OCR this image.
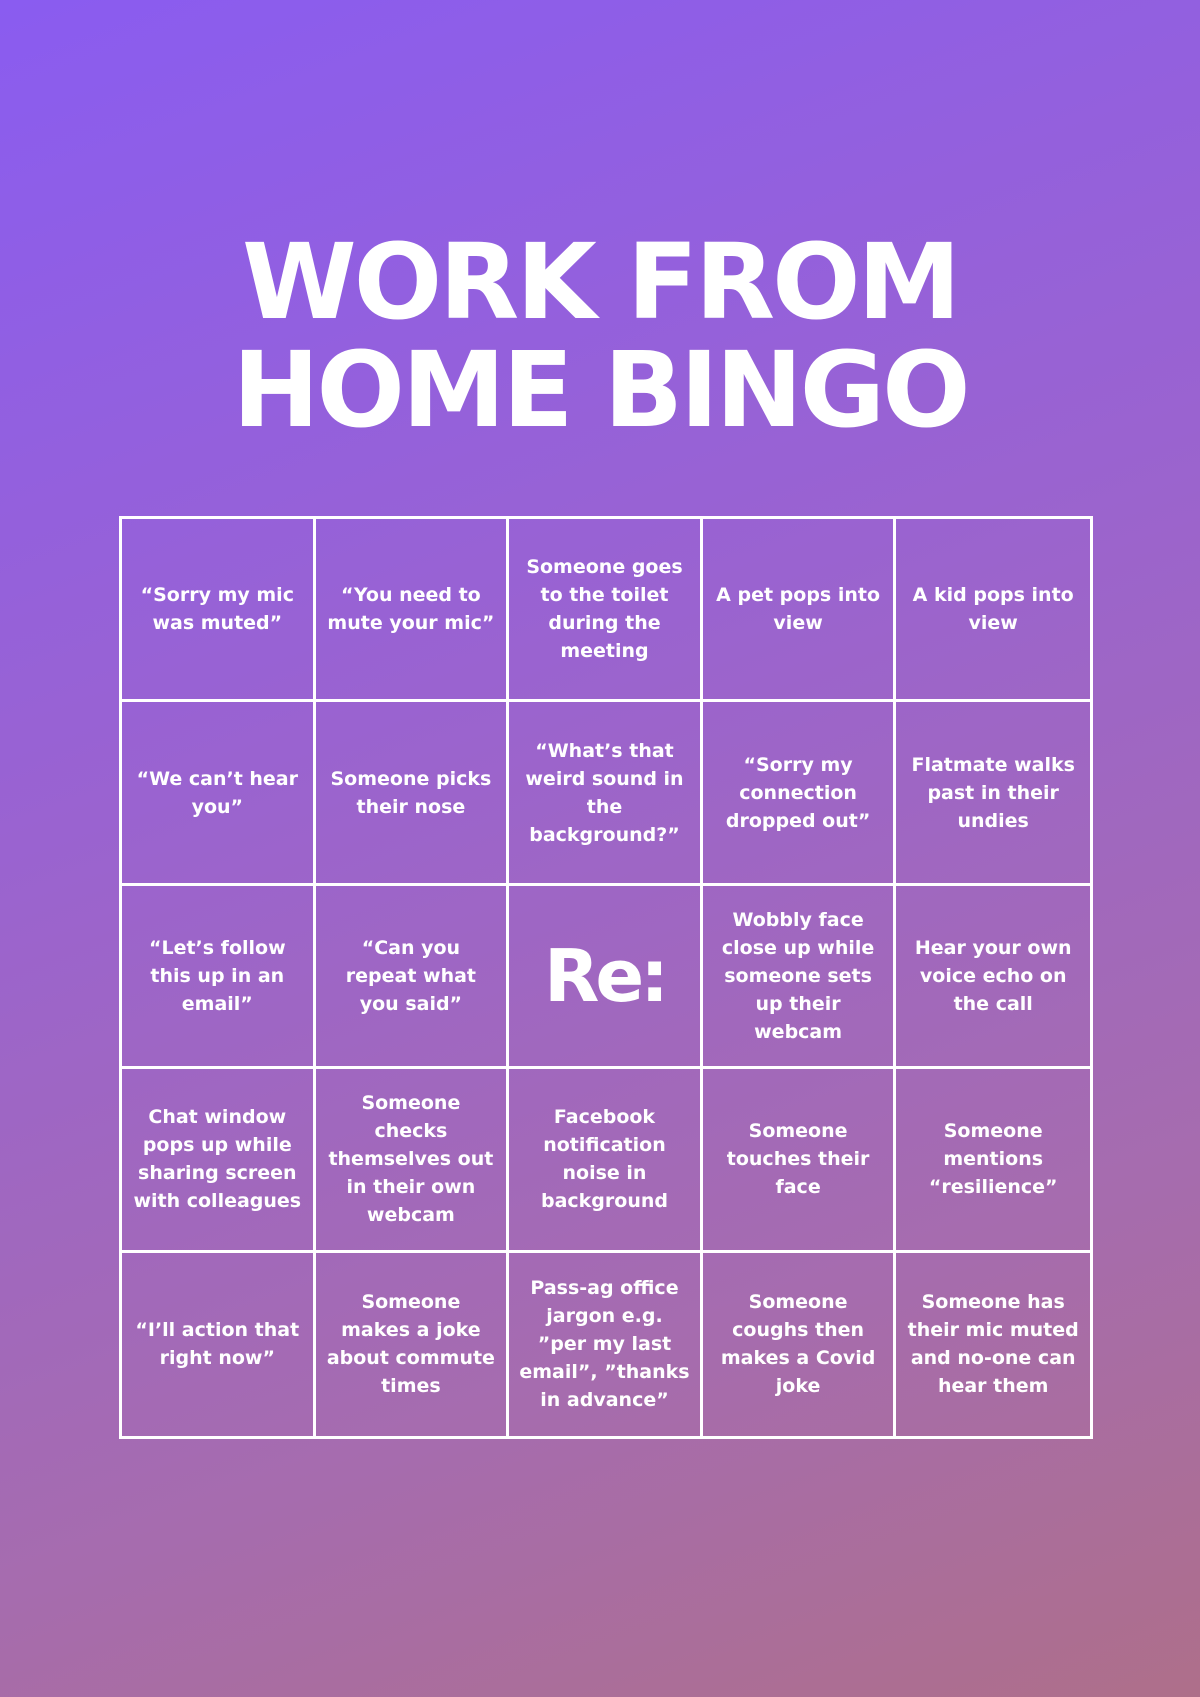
WORK FROM
HOME BINGO
“Sorry my mic was muted”
“You need to mute your mic”
Someone goes to the toilet during the meeting
A pet pops into view
A kid pops into view
“We can’t hear you”
Someone picks their nose
“What’s that weird sound in the background?”
“Sorry my connection dropped out”
Flatmate walks past in their undies
“Let’s follow this up in an email”
“Can you repeat what you said”	Re:
Wobbly face close up while someone sets up their webcam
Hear your own voice echo on the call
Chat window pops up while sharing screen with colleagues
Someone checks themselves out in their own webcam
Facebook notification noise in background
Someone touches their face
Someone mentions “resilience”
“I’ll action that right now”
Someone makes a joke about commute times
Pass-ag office jargon e.g. ”per my last email”, ”thanks in advance”
Someone coughs then makes a Covid joke
Someone has their mic muted and no-one can hear them
